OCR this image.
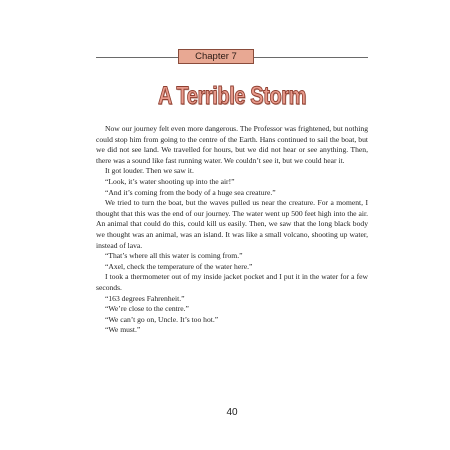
Chapter 7
A Terrible Storm

Now our journey felt even more dangerous. The Professor was frightened, but nothing could stop him from going to the centre of the Earth. Hans continued to sail the boat, but we did not see land. We travelled for hours, but we did not hear or see anything. Then, there was a sound like fast running water. We couldn’t see it, but we could hear it.

It got louder. Then we saw it.

“Look, it’s water shooting up into the air!”

“And it’s coming from the body of a huge sea creature.”

We tried to turn the boat, but the waves pulled us near the creature. For a moment, I thought that this was the end of our journey. The water went up 500 feet high into the air. An animal that could do this, could kill us easily. Then, we saw that the long black body we thought was an animal, was an island. It was like a small volcano, shooting up water, instead of lava.

“That’s where all this water is coming from.”

“Axel, check the temperature of the water here.”

I took a thermometer out of my inside jacket pocket and I put it in the water for a few seconds.

“163 degrees Fahrenheit.”

“We’re close to the centre.”

“We can’t go on, Uncle. It’s too hot.”

“We must.”

40
